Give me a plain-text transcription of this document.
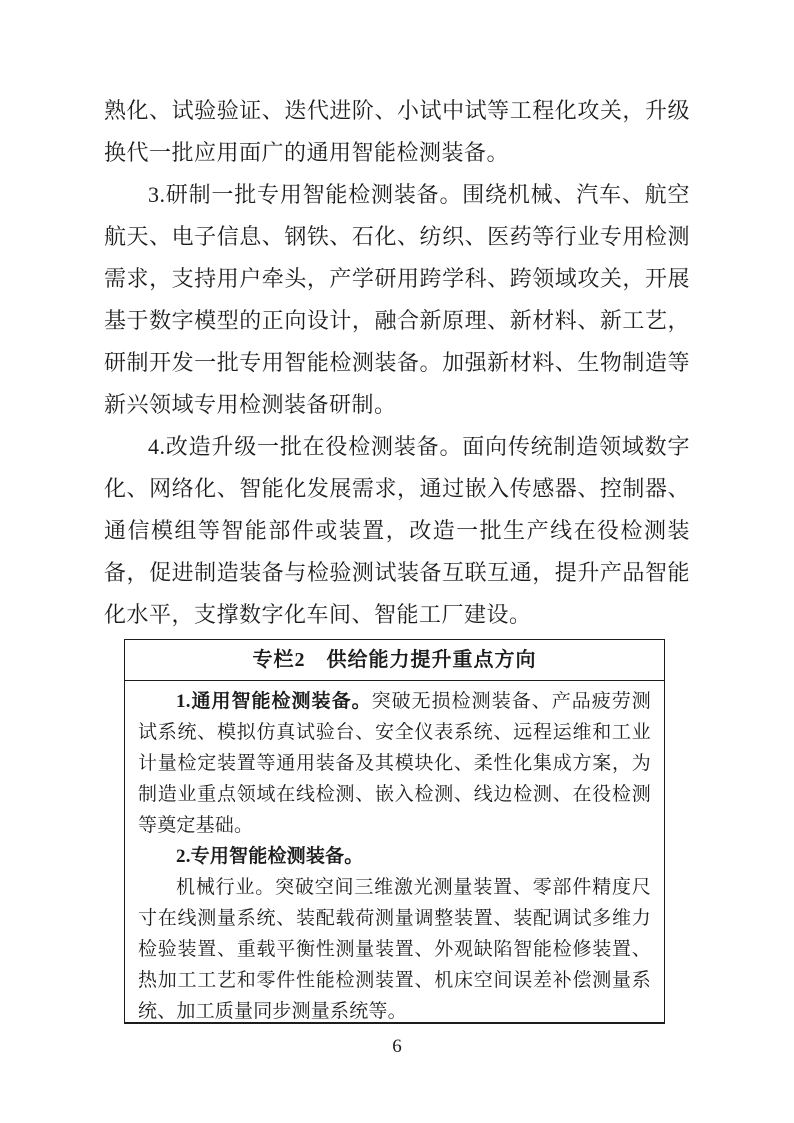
熟化、试验验证、迭代进阶、小试中试等工程化攻关，升级换代一批应用面广的通用智能检测装备。

3.研制一批专用智能检测装备。围绕机械、汽车、航空航天、电子信息、钢铁、石化、纺织、医药等行业专用检测需求，支持用户牵头，产学研用跨学科、跨领域攻关，开展基于数字模型的正向设计，融合新原理、新材料、新工艺，研制开发一批专用智能检测装备。加强新材料、生物制造等新兴领域专用检测装备研制。

4.改造升级一批在役检测装备。面向传统制造领域数字化、网络化、智能化发展需求，通过嵌入传感器、控制器、通信模组等智能部件或装置，改造一批生产线在役检测装备，促进制造装备与检验测试装备互联互通，提升产品智能化水平，支撑数字化车间、智能工厂建设。

专栏2　供给能力提升重点方向

1.通用智能检测装备。突破无损检测装备、产品疲劳测试系统、模拟仿真试验台、安全仪表系统、远程运维和工业计量检定装置等通用装备及其模块化、柔性化集成方案，为制造业重点领域在线检测、嵌入检测、线边检测、在役检测等奠定基础。

2.专用智能检测装备。

机械行业。突破空间三维激光测量装置、零部件精度尺寸在线测量系统、装配载荷测量调整装置、装配调试多维力检验装置、重载平衡性测量装置、外观缺陷智能检修装置、热加工工艺和零件性能检测装置、机床空间误差补偿测量系统、加工质量同步测量系统等。

6
